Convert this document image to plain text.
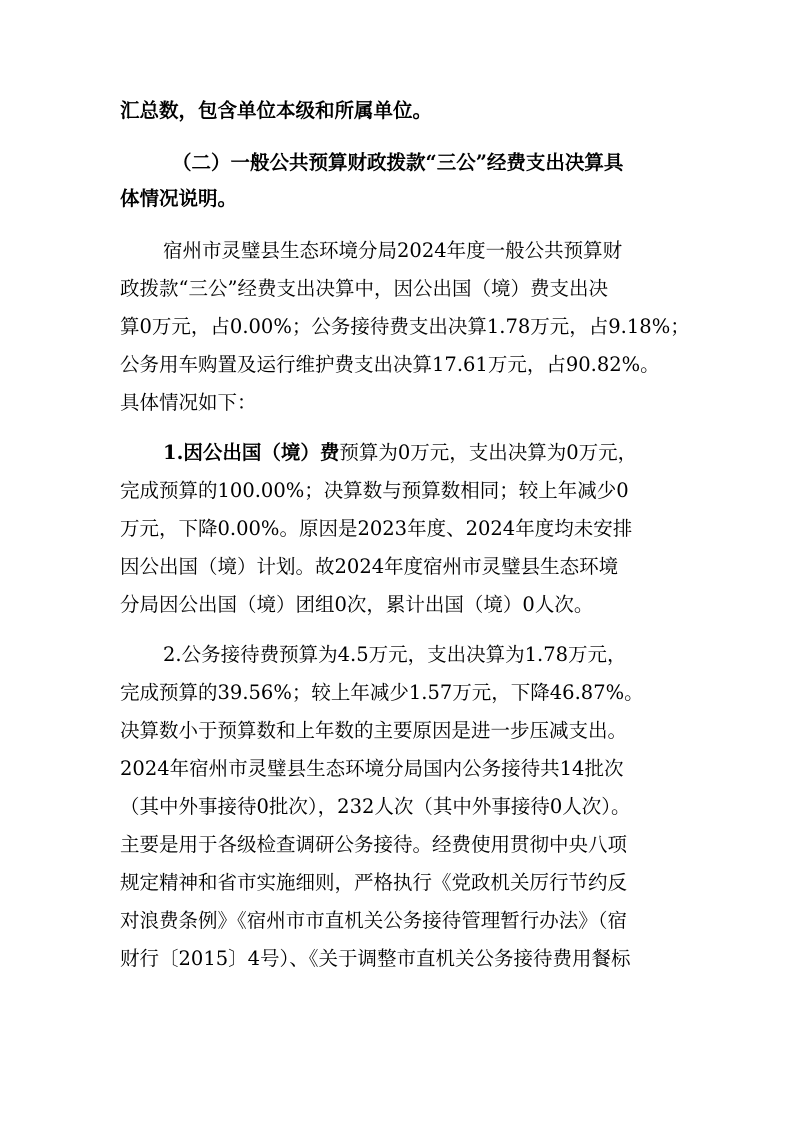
汇总数，包含单位本级和所属单位。
（二）一般公共预算财政拨款“三公”经费支出决算具
体情况说明。
宿州市灵璧县生态环境分局2024年度一般公共预算财
政拨款“三公”经费支出决算中，因公出国（境）费支出决
算0万元，占0.00%；公务接待费支出决算1.78万元，占9.18%；
公务用车购置及运行维护费支出决算17.61万元，占90.82%。
具体情况如下：
1.因公出国（境）费预算为0万元，支出决算为0万元，
完成预算的100.00%；决算数与预算数相同；较上年减少0
万元，下降0.00%。原因是2023年度、2024年度均未安排
因公出国（境）计划。故2024年度宿州市灵璧县生态环境
分局因公出国（境）团组0次，累计出国（境）0人次。
2.公务接待费预算为4.5万元，支出决算为1.78万元，
完成预算的39.56%；较上年减少1.57万元，下降46.87%。
决算数小于预算数和上年数的主要原因是进一步压减支出。
2024年宿州市灵璧县生态环境分局国内公务接待共14批次
（其中外事接待0批次），232人次（其中外事接待0人次）。
主要是用于各级检查调研公务接待。经费使用贯彻中央八项
规定精神和省市实施细则，严格执行《党政机关厉行节约反
对浪费条例》《宿州市市直机关公务接待管理暂行办法》（宿
财行〔2015〕4号）、《关于调整市直机关公务接待费用餐标
